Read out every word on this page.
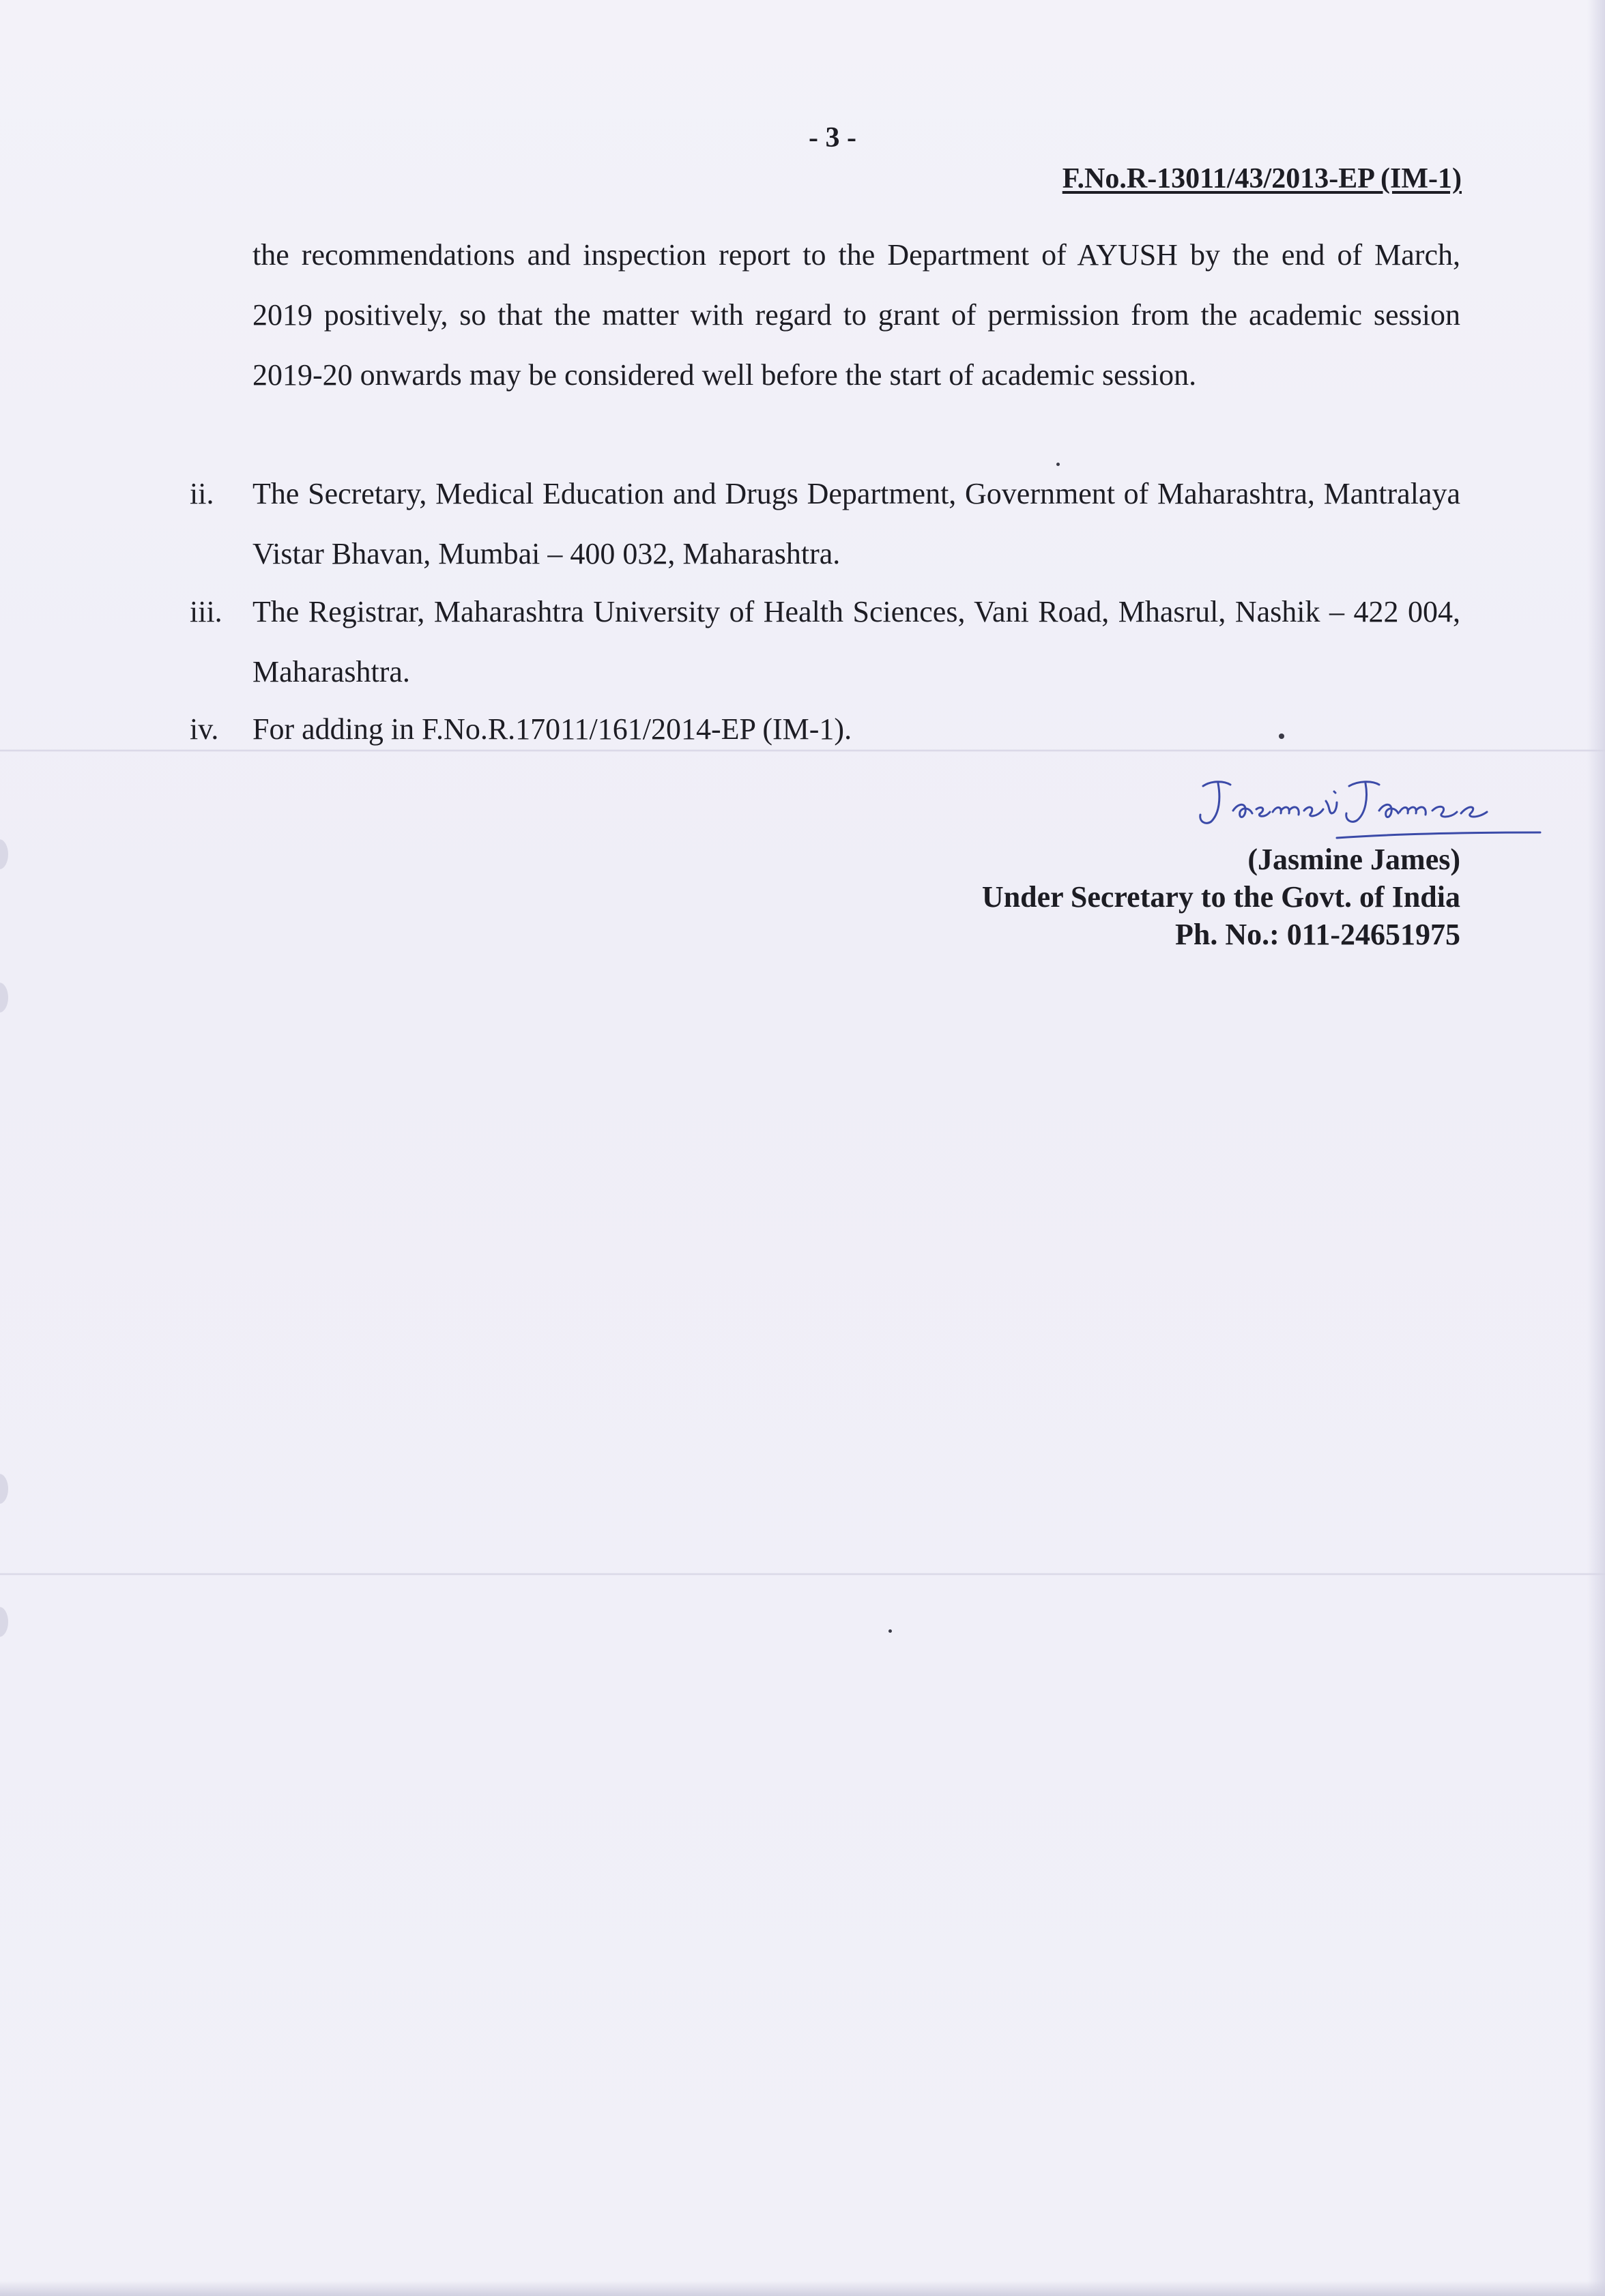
- 3 -
F.No.R-13011/43/2013-EP (IM-1)
the recommendations and inspection report to the Department of AYUSH by the end of March, 2019 positively, so that the matter with regard to grant of permission from the academic session 2019-20 onwards may be considered well before the start of academic session.
ii.	The Secretary, Medical Education and Drugs Department, Government of Maharashtra, Mantralaya Vistar Bhavan, Mumbai – 400 032, Maharashtra.
iii.	The Registrar, Maharashtra University of Health Sciences, Vani Road, Mhasrul, Nashik – 422 004, Maharashtra.
iv.	For adding in F.No.R.17011/161/2014-EP (IM-1).
(Jasmine James)
Under Secretary to the Govt. of India
Ph. No.: 011-24651975
